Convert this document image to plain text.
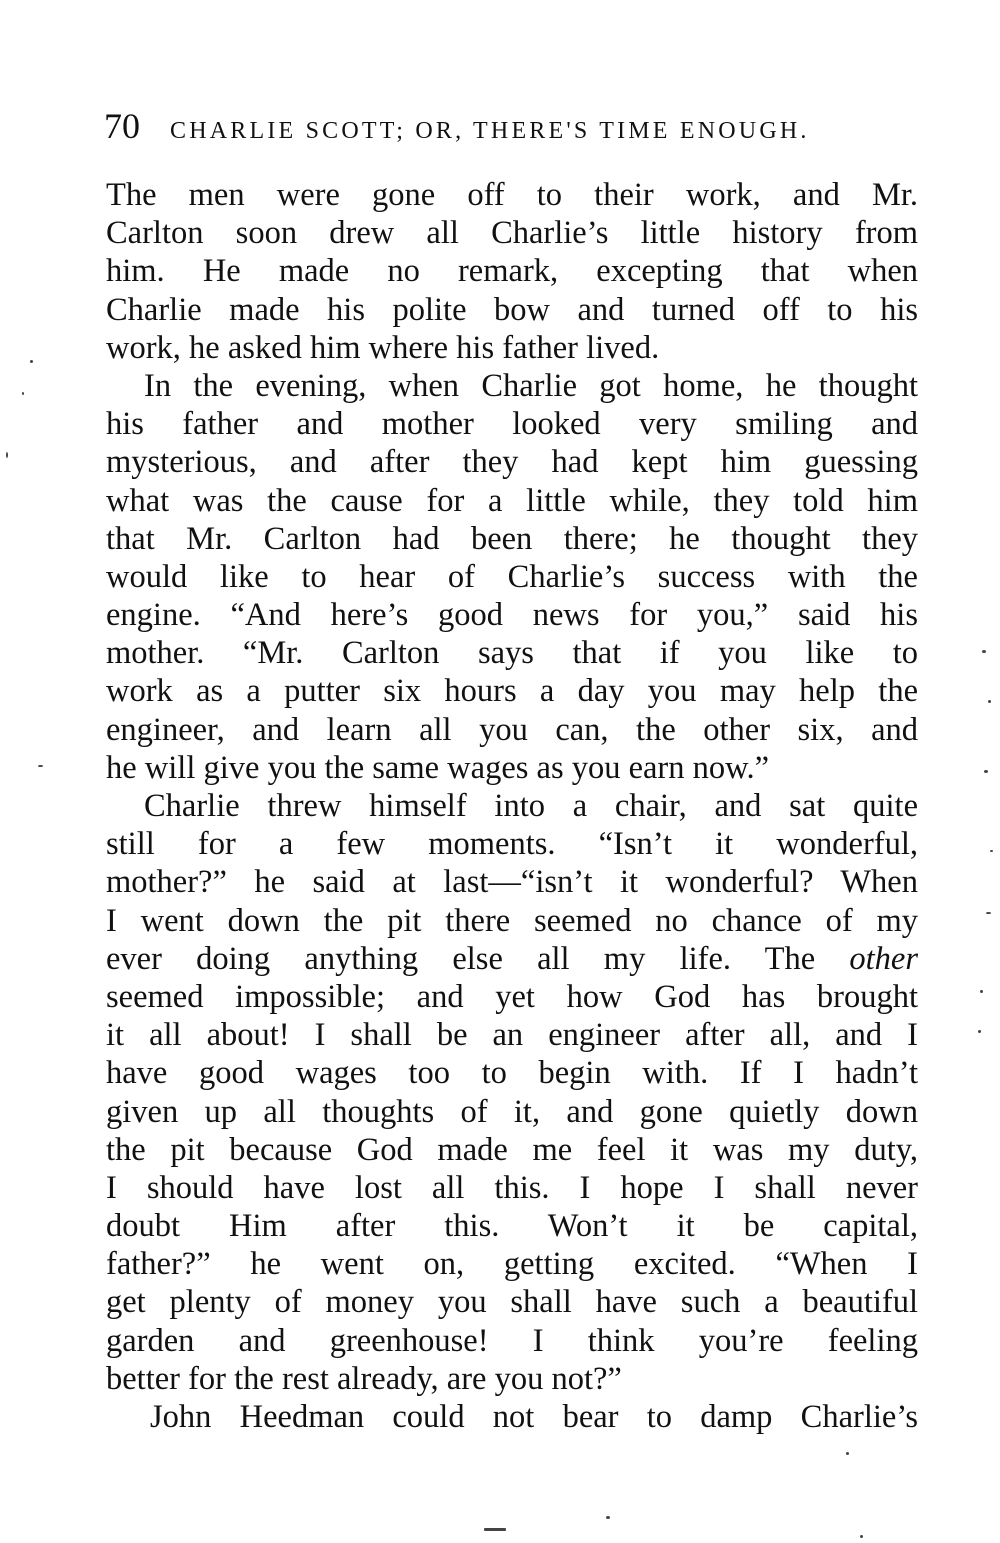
70 CHARLIE SCOTT; OR, THERE'S TIME ENOUGH.
The men were gone off to their work, and Mr.
Carlton soon drew all Charlie’s little history from
him. He made no remark, excepting that when
Charlie made his polite bow and turned off to his
work, he asked him where his father lived.
In the evening, when Charlie got home, he thought
his father and mother looked very smiling and
mysterious, and after they had kept him guessing
what was the cause for a little while, they told him
that Mr. Carlton had been there; he thought they
would like to hear of Charlie’s success with the
engine. “And here’s good news for you,” said his
mother. “Mr. Carlton says that if you like to
work as a putter six hours a day you may help the
engineer, and learn all you can, the other six, and
he will give you the same wages as you earn now.”
Charlie threw himself into a chair, and sat quite
still for a few moments. “Isn’t it wonderful,
mother?” he said at last—“isn’t it wonderful? When
I went down the pit there seemed no chance of my
ever doing anything else all my life. The other
seemed impossible; and yet how God has brought
it all about! I shall be an engineer after all, and I
have good wages too to begin with. If I hadn’t
given up all thoughts of it, and gone quietly down
the pit because God made me feel it was my duty,
I should have lost all this. I hope I shall never
doubt Him after this. Won’t it be capital,
father?” he went on, getting excited. “When I
get plenty of money you shall have such a beautiful
garden and greenhouse! I think you’re feeling
better for the rest already, are you not?”
John Heedman could not bear to damp Charlie’s
